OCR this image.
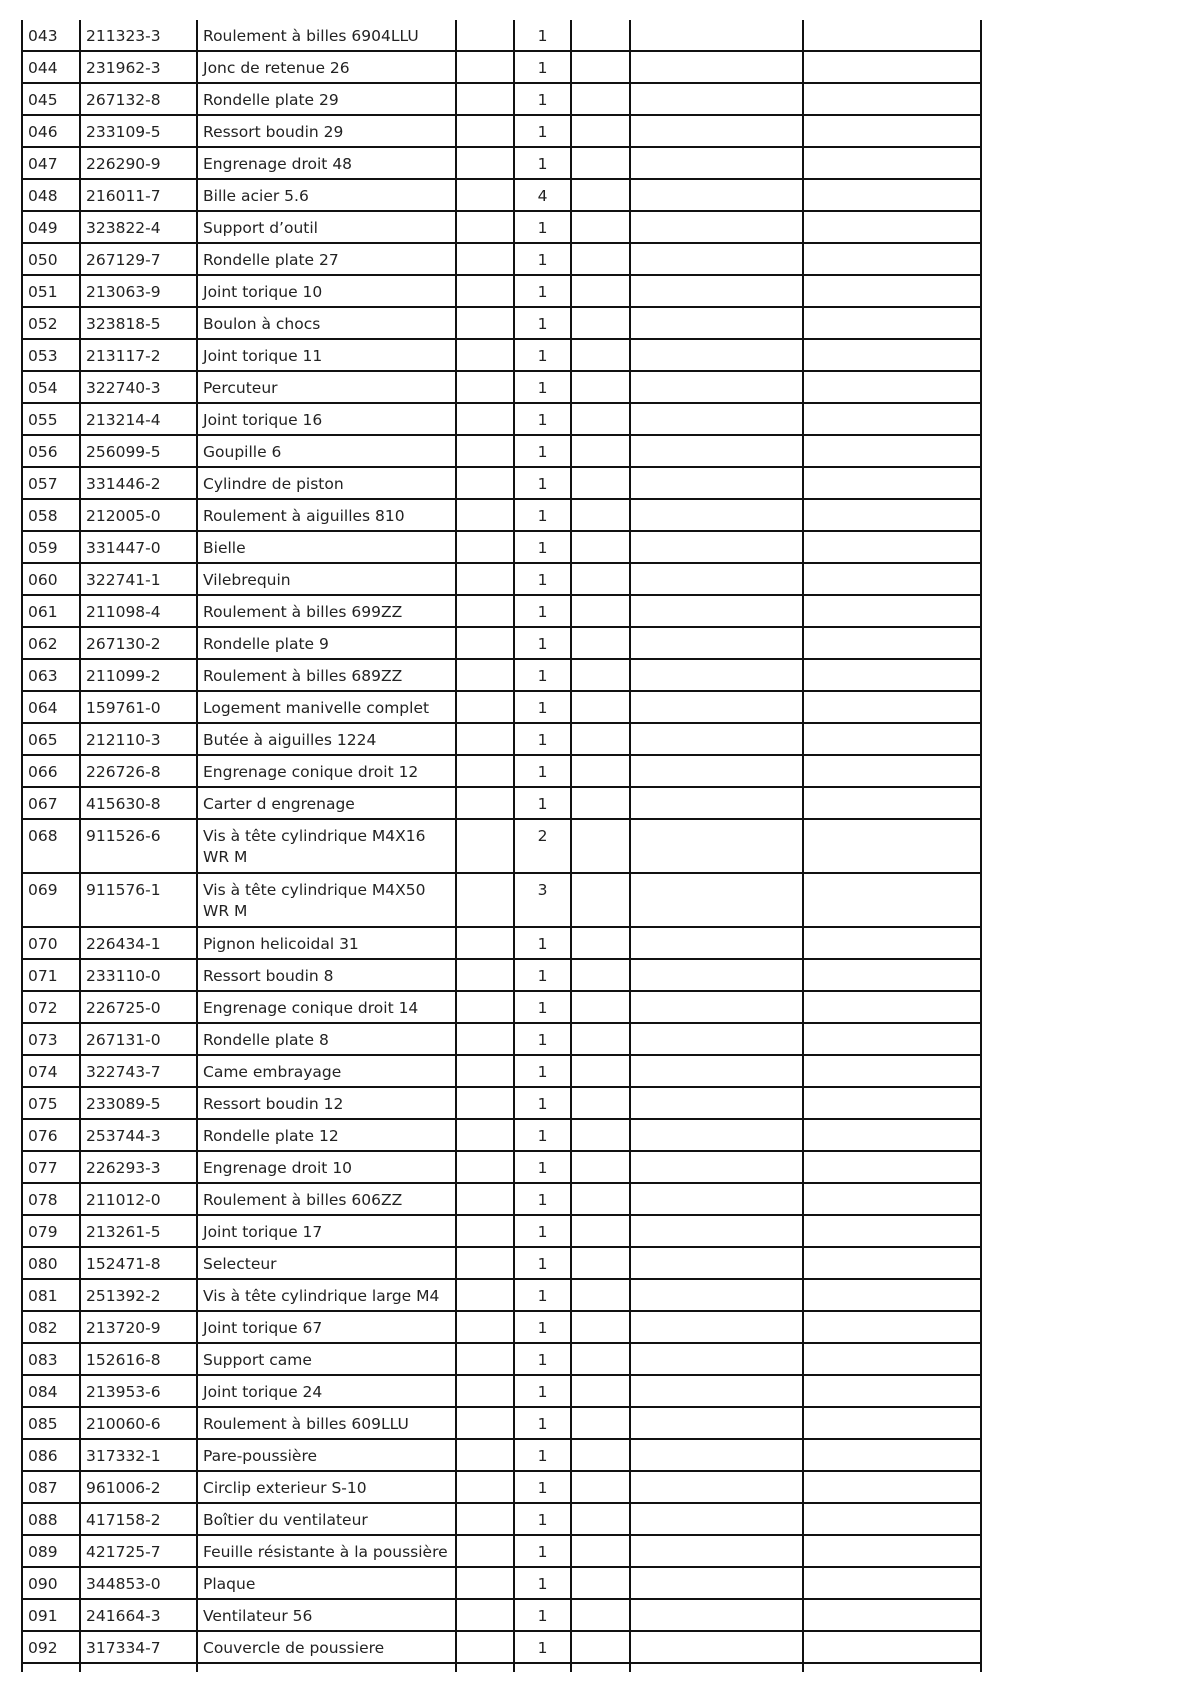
043	211323-3	Roulement à billes 6904LLU		1			
044	231962-3	Jonc de retenue 26		1			
045	267132-8	Rondelle plate 29		1			
046	233109-5	Ressort boudin 29		1			
047	226290-9	Engrenage droit 48		1			
048	216011-7	Bille acier 5.6		4			
049	323822-4	Support d’outil		1			
050	267129-7	Rondelle plate 27		1			
051	213063-9	Joint torique 10		1			
052	323818-5	Boulon à chocs		1			
053	213117-2	Joint torique 11		1			
054	322740-3	Percuteur		1			
055	213214-4	Joint torique 16		1			
056	256099-5	Goupille 6		1			
057	331446-2	Cylindre de piston		1			
058	212005-0	Roulement à aiguilles 810		1			
059	331447-0	Bielle		1			
060	322741-1	Vilebrequin		1			
061	211098-4	Roulement à billes 699ZZ		1			
062	267130-2	Rondelle plate 9		1			
063	211099-2	Roulement à billes 689ZZ		1			
064	159761-0	Logement manivelle complet		1			
065	212110-3	Butée à aiguilles 1224		1			
066	226726-8	Engrenage conique droit 12		1			
067	415630-8	Carter d engrenage		1			
068	911526-6	Vis à tête cylindrique M4X16 WR M		2			
069	911576-1	Vis à tête cylindrique M4X50 WR M		3			
070	226434-1	Pignon helicoidal 31		1			
071	233110-0	Ressort boudin 8		1			
072	226725-0	Engrenage conique droit 14		1			
073	267131-0	Rondelle plate 8		1			
074	322743-7	Came embrayage		1			
075	233089-5	Ressort boudin 12		1			
076	253744-3	Rondelle plate 12		1			
077	226293-3	Engrenage droit 10		1			
078	211012-0	Roulement à billes 606ZZ		1			
079	213261-5	Joint torique 17		1			
080	152471-8	Selecteur		1			
081	251392-2	Vis à tête cylindrique large M4		1			
082	213720-9	Joint torique 67		1			
083	152616-8	Support came		1			
084	213953-6	Joint torique 24		1			
085	210060-6	Roulement à billes 609LLU		1			
086	317332-1	Pare-poussière		1			
087	961006-2	Circlip exterieur S-10		1			
088	417158-2	Boîtier du ventilateur		1			
089	421725-7	Feuille résistante à la poussière		1			
090	344853-0	Plaque		1			
091	241664-3	Ventilateur 56		1			
092	317334-7	Couvercle de poussiere		1			
